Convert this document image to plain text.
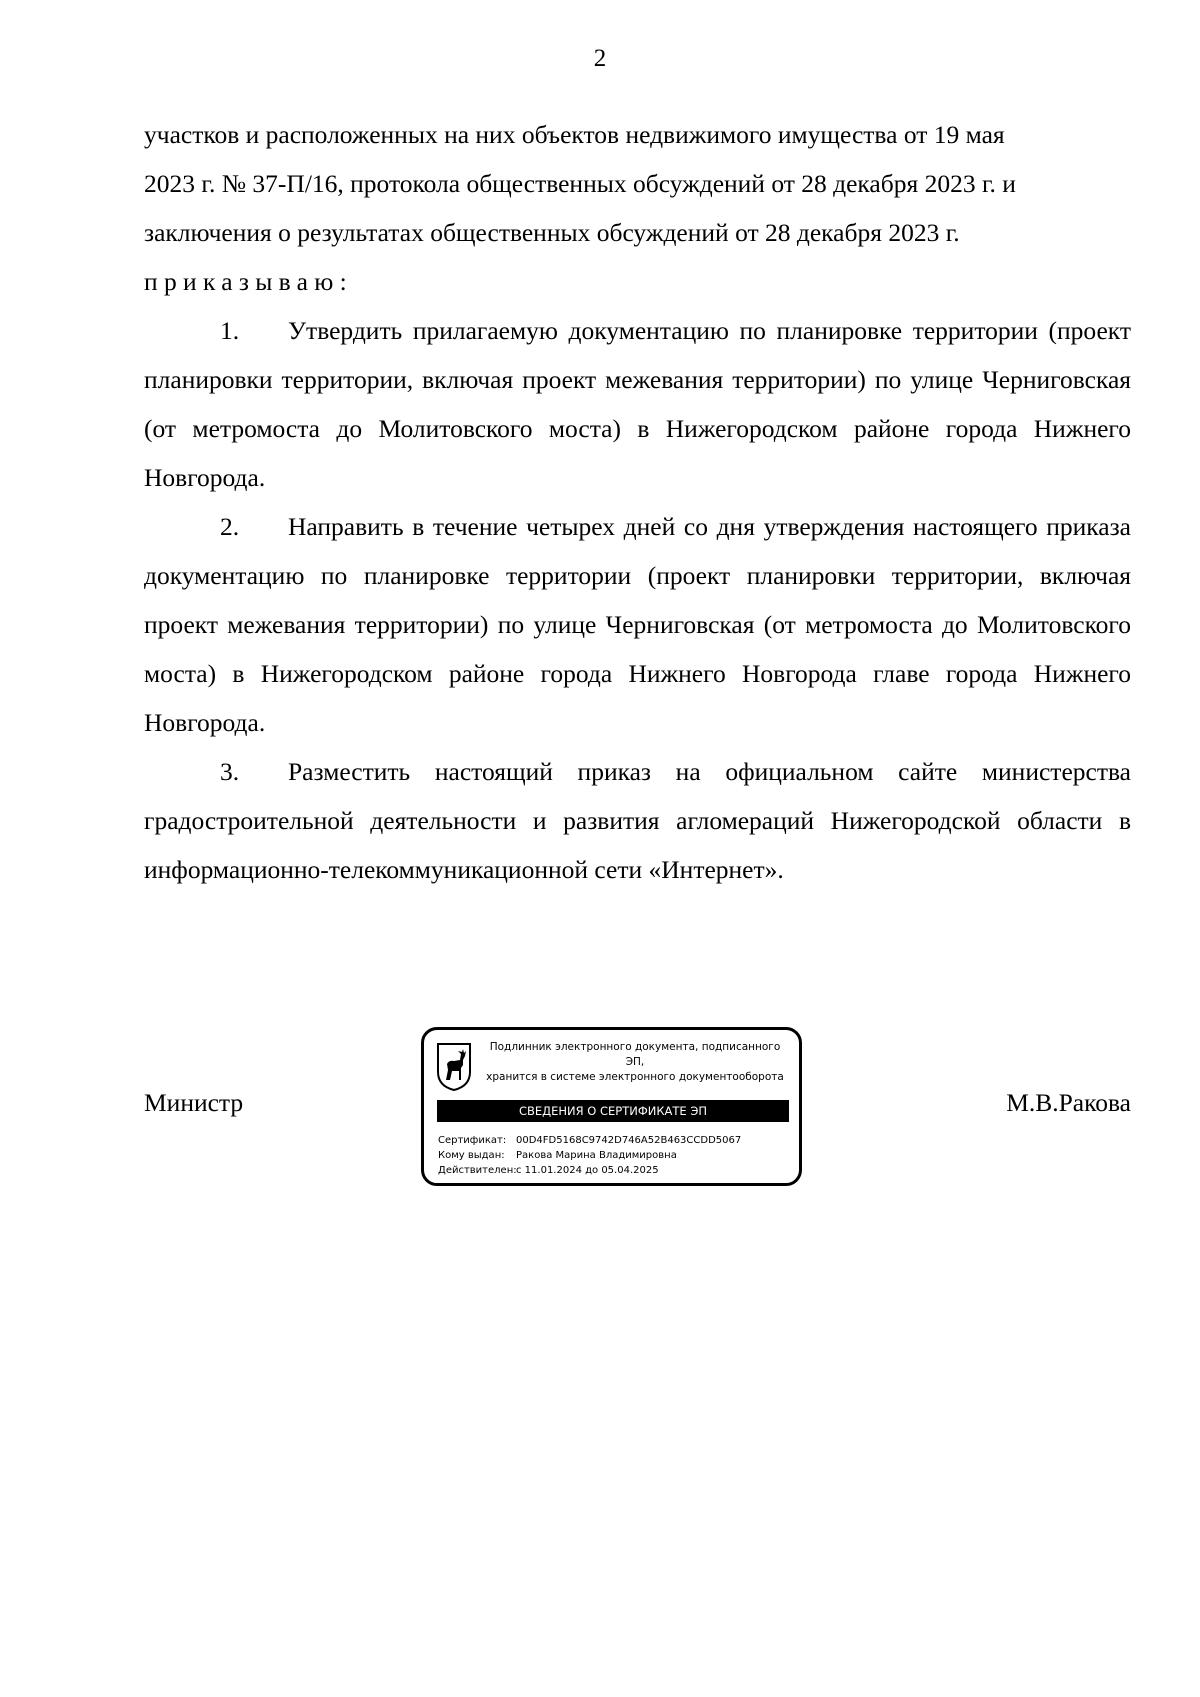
2

участков и расположенных на них объектов недвижимого имущества от 19 мая

2023 г. № 37-П/16, протокола общественных обсуждений от 28 декабря 2023 г. и

заключения о результатах общественных обсуждений от 28 декабря 2023 г.

приказываю:

1. Утвердить прилагаемую документацию по планировке территории (проект планировки территории, включая проект межевания территории) по улице Черниговская (от метромоста до Молитовского моста) в Нижегородском районе города Нижнего Новгорода.

2. Направить в течение четырех дней со дня утверждения настоящего приказа документацию по планировке территории (проект планировки территории, включая проект межевания территории) по улице Черниговская (от метромоста до Молитовского моста) в Нижегородском районе города Нижнего Новгорода главе города Нижнего Новгорода.

3. Разместить настоящий приказ на официальном сайте министерства градостроительной деятельности и развития агломераций Нижегородской области в информационно-телекоммуникационной сети «Интернет».

Министр
Подлинник электронного документа, подписанного ЭП,
хранится в системе электронного документооборота
СВЕДЕНИЯ О СЕРТИФИКАТЕ ЭП
Сертификат: 00D4FD5168C9742D746A52B463CCDD5067
Кому выдан: Ракова Марина Владимировна
Действителен:с 11.01.2024 до 05.04.2025
М.В.Ракова
